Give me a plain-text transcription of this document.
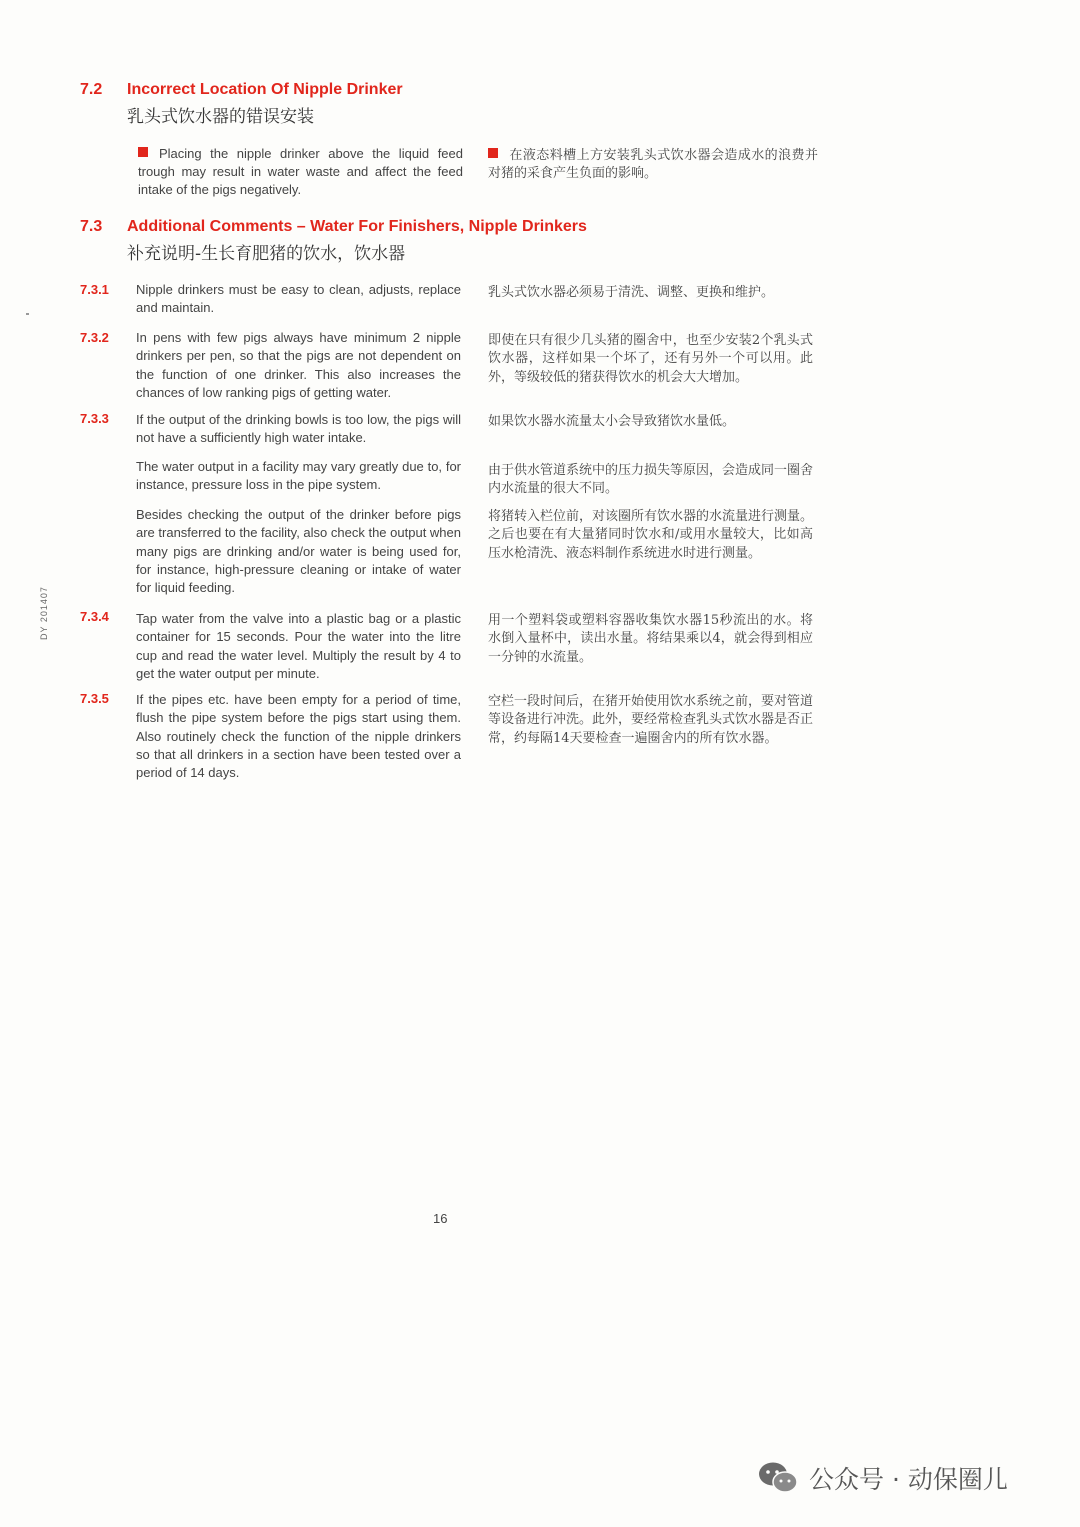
7.2 Incorrect Location Of Nipple Drinker
乳头式饮水器的错误安装
Placing the nipple drinker above the liquid feed trough may result in water waste and affect the feed intake of the pigs negatively.
在液态料槽上方安装乳头式饮水器会造成水的浪费并对猪的采食产生负面的影响。
7.3 Additional Comments – Water For Finishers, Nipple Drinkers
补充说明-生长育肥猪的饮水，饮水器
7.3.1 Nipple drinkers must be easy to clean, adjusts, replace and maintain.
乳头式饮水器必须易于清洗、调整、更换和维护。
7.3.2 In pens with few pigs always have minimum 2 nipple drinkers per pen, so that the pigs are not dependent on the function of one drinker. This also increases the chances of low ranking pigs of getting water.
即使在只有很少几头猪的圈舍中，也至少安装2个乳头式饮水器，这样如果一个坏了，还有另外一个可以用。此外，等级较低的猪获得饮水的机会大大增加。
7.3.3 If the output of the drinking bowls is too low, the pigs will not have a sufficiently high water intake.
如果饮水器水流量太小会导致猪饮水量低。
The water output in a facility may vary greatly due to, for instance, pressure loss in the pipe system.
由于供水管道系统中的压力损失等原因，会造成同一圈舍内水流量的很大不同。
Besides checking the output of the drinker before pigs are transferred to the facility, also check the output when many pigs are drinking and/or water is being used for, for instance, high-pressure cleaning or intake of water for liquid feeding.
将猪转入栏位前，对该圈所有饮水器的水流量进行测量。之后也要在有大量猪同时饮水和/或用水量较大，比如高压水枪清洗、液态料制作系统进水时进行测量。
7.3.4 Tap water from the valve into a plastic bag or a plastic container for 15 seconds. Pour the water into the litre cup and read the water level. Multiply the result by 4 to get the water output per minute.
用一个塑料袋或塑料容器收集饮水器15秒流出的水。将水倒入量杯中，读出水量。将结果乘以4，就会得到相应一分钟的水流量。
7.3.5 If the pipes etc. have been empty for a period of time, flush the pipe system before the pigs start using them. Also routinely check the function of the nipple drinkers so that all drinkers in a section have been tested over a period of 14 days.
空栏一段时间后，在猪开始使用饮水系统之前，要对管道等设备进行冲洗。此外，要经常检查乳头式饮水器是否正常，约每隔14天要检查一遍圈舍内的所有饮水器。
DY 201407
16
公众号 · 动保圈儿
